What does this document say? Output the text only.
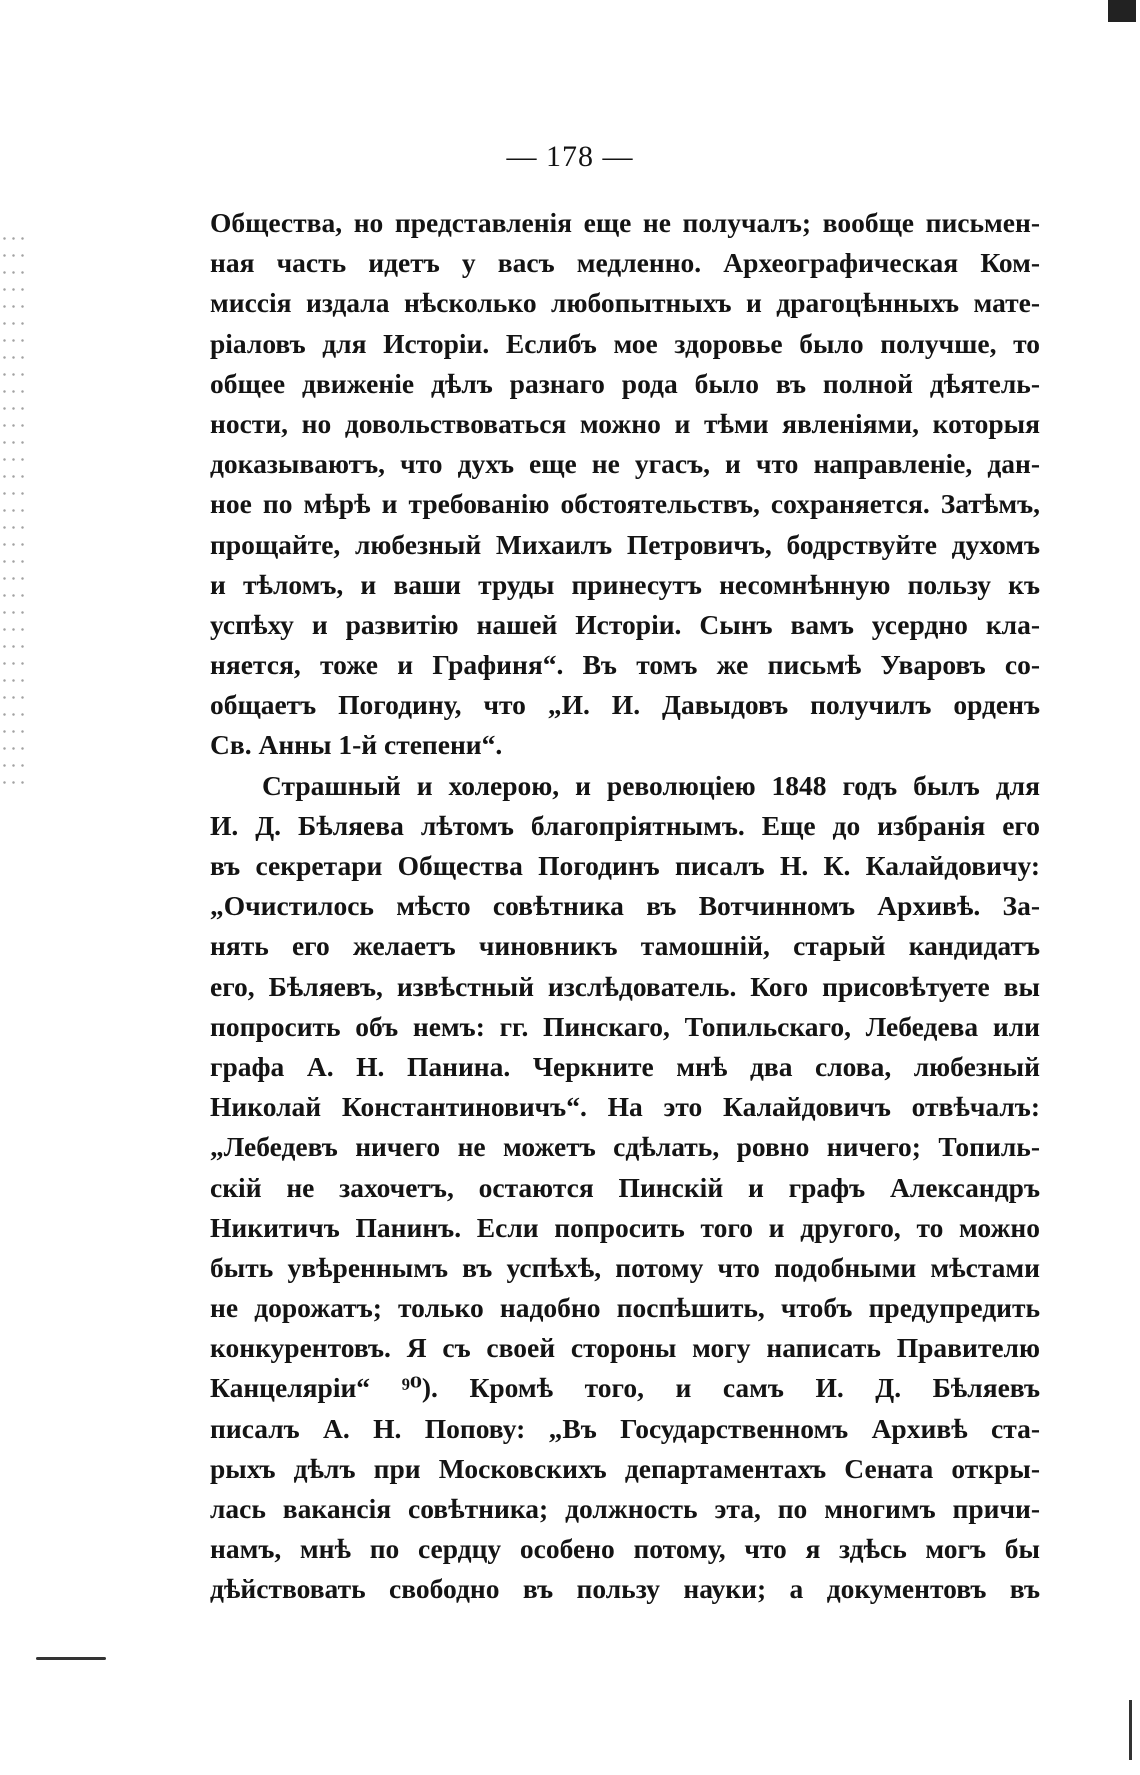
— 178 —
Общества, но представленія еще не получалъ; вообще письмен-
ная часть идетъ у васъ медленно. Археографическая Ком-
миссія издала нѣсколько любопытныхъ и драгоцѣнныхъ мате-
ріаловъ для Исторіи. Еслибъ мое здоровье было получше, то
общее движеніе дѣлъ разнаго рода было въ полной дѣятель-
ности, но довольствоваться можно и тѣми явленіями, которыя
доказываютъ, что духъ еще не угасъ, и что направленіе, дан-
ное по мѣрѣ и требованію обстоятельствъ, сохраняется. Затѣмъ,
прощайте, любезный Михаилъ Петровичъ, бодрствуйте духомъ
и тѣломъ, и ваши труды принесутъ несомнѣнную пользу къ
успѣху и развитію нашей Исторіи. Сынъ вамъ усердно кла-
няется, тоже и Графиня“. Въ томъ же письмѣ Уваровъ со-
общаетъ Погодину, что „И. И. Давыдовъ получилъ орденъ
Св. Анны 1-й степени“.
Страшный и холерою, и революціею 1848 годъ былъ для
И. Д. Бѣляева лѣтомъ благопріятнымъ. Еще до избранія его
въ секретари Общества Погодинъ писалъ Н. К. Калайдовичу:
„Очистилось мѣсто совѣтника въ Вотчинномъ Архивѣ. За-
нять его желаетъ чиновникъ тамошній, старый кандидатъ
его, Бѣляевъ, извѣстный изслѣдователь. Кого присовѣтуете вы
попросить объ немъ: гг. Пинскаго, Топильскаго, Лебедева или
графа А. Н. Панина. Черкните мнѣ два слова, любезный
Николай Константиновичъ“. На это Калайдовичъ отвѣчалъ:
„Лебедевъ ничего не можетъ сдѣлать, ровно ничего; Топиль-
скій не захочетъ, остаются Пинскій и графъ Александръ
Никитичъ Панинъ. Если попросить того и другого, то можно
быть увѣреннымъ въ успѣхѣ, потому что подобными мѣстами
не дорожатъ; только надобно поспѣшить, чтобъ предупредить
конкурентовъ. Я съ своей стороны могу написать Правителю
Канцеляріи“ ⁹⁰). Кромѣ того, и самъ И. Д. Бѣляевъ
писалъ А. Н. Попову: „Въ Государственномъ Архивѣ ста-
рыхъ дѣлъ при Московскихъ департаментахъ Сената откры-
лась вакансія совѣтника; должность эта, по многимъ причи-
намъ, мнѣ по сердцу особено потому, что я здѣсь могъ бы
дѣйствовать свободно въ пользу науки; а документовъ въ
